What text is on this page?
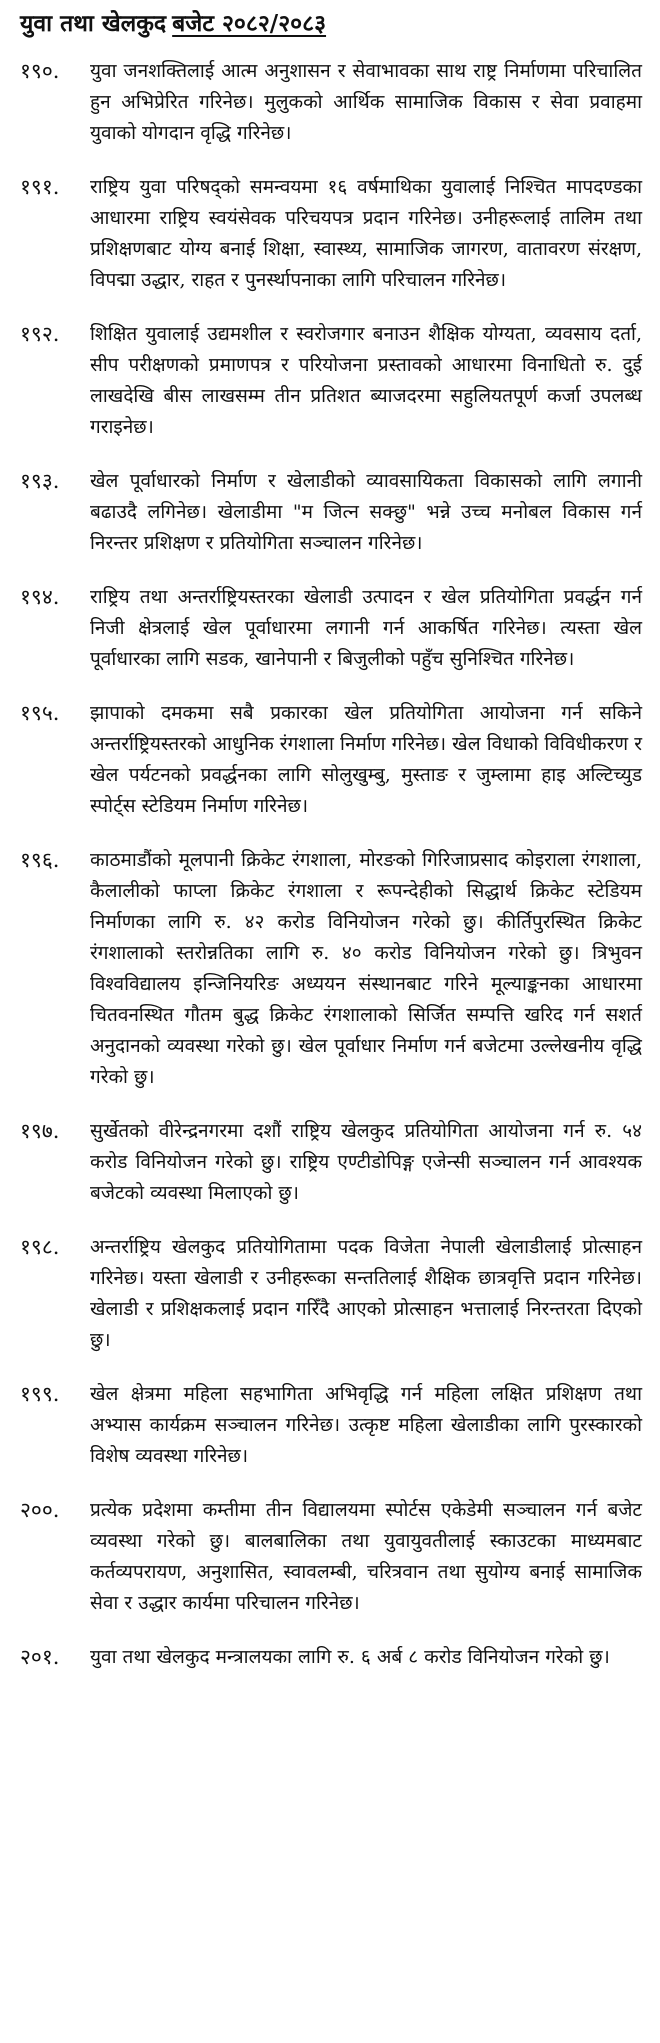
युवा तथा खेलकुद बजेट २०८२/२०८३
१९०.	युवा जनशक्तिलाई आत्म अनुशासन र सेवाभावका साथ राष्ट्र निर्माणमा परिचालित हुन अभिप्रेरित गरिनेछ। मुलुकको आर्थिक सामाजिक विकास र सेवा प्रवाहमा युवाको योगदान वृद्धि गरिनेछ।
१९१.	राष्ट्रिय युवा परिषद्को समन्वयमा १६ वर्षमाथिका युवालाई निश्चित मापदण्डका आधारमा राष्ट्रिय स्वयंसेवक परिचयपत्र प्रदान गरिनेछ। उनीहरूलाई तालिम तथा प्रशिक्षणबाट योग्य बनाई शिक्षा, स्वास्थ्य, सामाजिक जागरण, वातावरण संरक्षण, विपद्मा उद्धार, राहत र पुनर्स्थापनाका लागि परिचालन गरिनेछ।
१९२.	शिक्षित युवालाई उद्यमशील र स्वरोजगार बनाउन शैक्षिक योग्यता, व्यवसाय दर्ता, सीप परीक्षणको प्रमाणपत्र र परियोजना प्रस्तावको आधारमा विनाधितो रु. दुई लाखदेखि बीस लाखसम्म तीन प्रतिशत ब्याजदरमा सहुलियतपूर्ण कर्जा उपलब्ध गराइनेछ।
१९३.	खेल पूर्वाधारको निर्माण र खेलाडीको व्यावसायिकता विकासको लागि लगानी बढाउदै लगिनेछ। खेलाडीमा "म जित्न सक्छु" भन्ने उच्च मनोबल विकास गर्न निरन्तर प्रशिक्षण र प्रतियोगिता सञ्चालन गरिनेछ।
१९४.	राष्ट्रिय तथा अन्तर्राष्ट्रियस्तरका खेलाडी उत्पादन र खेल प्रतियोगिता प्रवर्द्धन गर्न निजी क्षेत्रलाई खेल पूर्वाधारमा लगानी गर्न आकर्षित गरिनेछ। त्यस्ता खेल पूर्वाधारका लागि सडक, खानेपानी र बिजुलीको पहुँच सुनिश्चित गरिनेछ।
१९५.	झापाको दमकमा सबै प्रकारका खेल प्रतियोगिता आयोजना गर्न सकिने अन्तर्राष्ट्रियस्तरको आधुनिक रंगशाला निर्माण गरिनेछ। खेल विधाको विविधीकरण र खेल पर्यटनको प्रवर्द्धनका लागि सोलुखुम्बु, मुस्ताङ र जुम्लामा हाइ अल्टिच्युड स्पोर्ट्स स्टेडियम निर्माण गरिनेछ।
१९६.	काठमाडौंको मूलपानी क्रिकेट रंगशाला, मोरङको गिरिजाप्रसाद कोइराला रंगशाला, कैलालीको फाप्ला क्रिकेट रंगशाला र रूपन्देहीको सिद्धार्थ क्रिकेट स्टेडियम निर्माणका लागि रु. ४२ करोड विनियोजन गरेको छु। कीर्तिपुरस्थित क्रिकेट रंगशालाको स्तरोन्नतिका लागि रु. ४० करोड विनियोजन गरेको छु। त्रिभुवन विश्वविद्यालय इन्जिनियरिङ अध्ययन संस्थानबाट गरिने मूल्याङ्कनका आधारमा चितवनस्थित गौतम बुद्ध क्रिकेट रंगशालाको सिर्जित सम्पत्ति खरिद गर्न सशर्त अनुदानको व्यवस्था गरेको छु। खेल पूर्वाधार निर्माण गर्न बजेटमा उल्लेखनीय वृद्धि गरेको छु।
१९७.	सुर्खेतको वीरेन्द्रनगरमा दशौं राष्ट्रिय खेलकुद प्रतियोगिता आयोजना गर्न रु. ५४ करोड विनियोजन गरेको छु। राष्ट्रिय एण्टीडोपिङ्ग एजेन्सी सञ्चालन गर्न आवश्यक बजेटको व्यवस्था मिलाएको छु।
१९८.	अन्तर्राष्ट्रिय खेलकुद प्रतियोगितामा पदक विजेता नेपाली खेलाडीलाई प्रोत्साहन गरिनेछ। यस्ता खेलाडी र उनीहरूका सन्ततिलाई शैक्षिक छात्रवृत्ति प्रदान गरिनेछ। खेलाडी र प्रशिक्षकलाई प्रदान गरिँदै आएको प्रोत्साहन भत्तालाई निरन्तरता दिएको छु।
१९९.	खेल क्षेत्रमा महिला सहभागिता अभिवृद्धि गर्न महिला लक्षित प्रशिक्षण तथा अभ्यास कार्यक्रम सञ्चालन गरिनेछ। उत्कृष्ट महिला खेलाडीका लागि पुरस्कारको विशेष व्यवस्था गरिनेछ।
२००.	प्रत्येक प्रदेशमा कम्तीमा तीन विद्यालयमा स्पोर्टस एकेडेमी सञ्चालन गर्न बजेट व्यवस्था गरेको छु। बालबालिका तथा युवायुवतीलाई स्काउटका माध्यमबाट कर्तव्यपरायण, अनुशासित, स्वावलम्बी, चरित्रवान तथा सुयोग्य बनाई सामाजिक सेवा र उद्धार कार्यमा परिचालन गरिनेछ।
२०१.	युवा तथा खेलकुद मन्त्रालयका लागि रु. ६ अर्ब ८ करोड विनियोजन गरेको छु।
